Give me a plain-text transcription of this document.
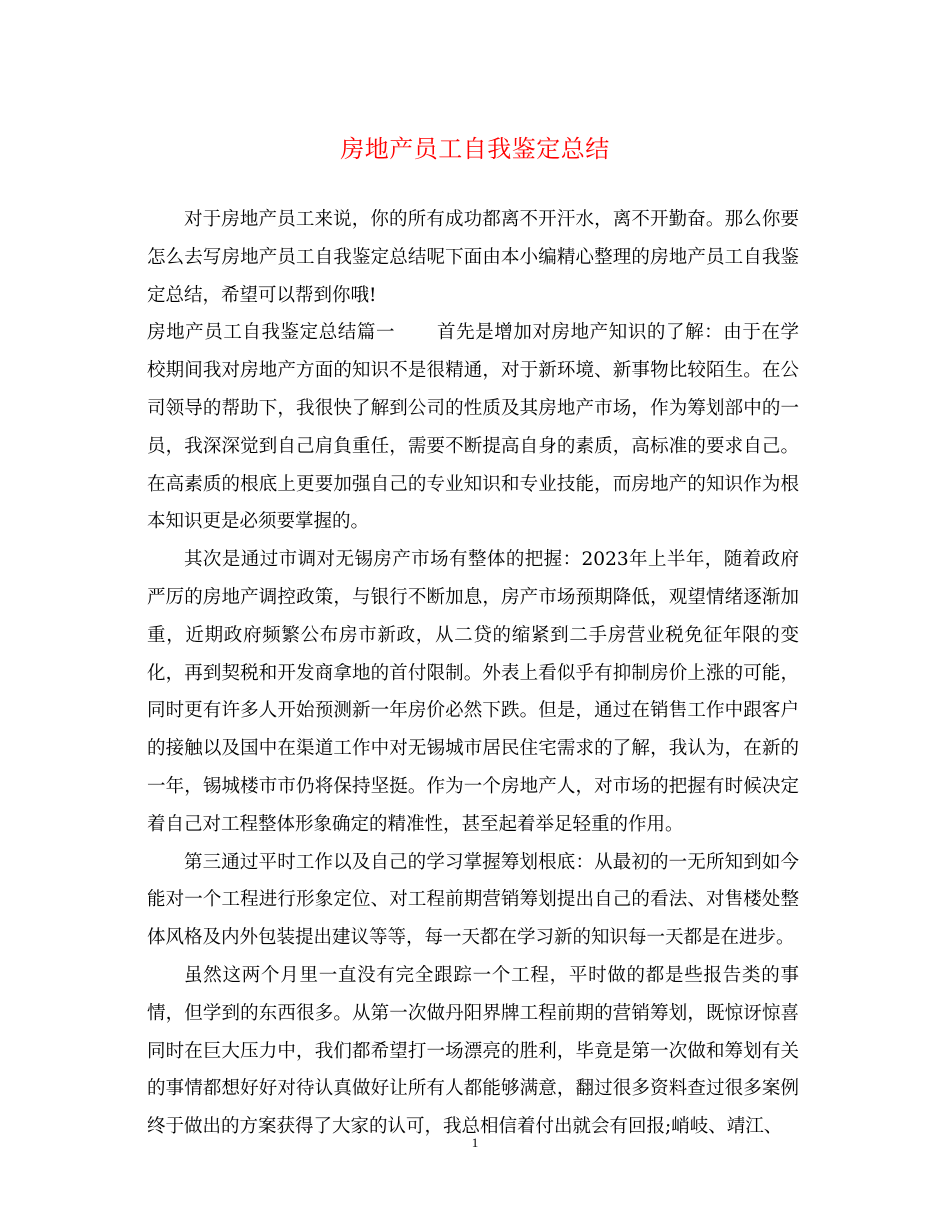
房地产员工自我鉴定总结

对于房地产员工来说，你的所有成功都离不开汗水，离不开勤奋。那么你要怎么去写房地产员工自我鉴定总结呢下面由本小编精心整理的房地产员工自我鉴定总结，希望可以帮到你哦!

房地产员工自我鉴定总结篇一 首先是增加对房地产知识的了解：由于在学校期间我对房地产方面的知识不是很精通，对于新环境、新事物比较陌生。在公司领导的帮助下，我很快了解到公司的性质及其房地产市场，作为筹划部中的一员，我深深觉到自己肩負重任，需要不断提高自身的素质，高标准的要求自己。在高素质的根底上更要加强自己的专业知识和专业技能，而房地产的知识作为根本知识更是必须要掌握的。

其次是通过市调对无锡房产市场有整体的把握：2023年上半年，随着政府严厉的房地产调控政策，与银行不断加息，房产市场预期降低，观望情绪逐渐加重，近期政府频繁公布房市新政，从二贷的缩紧到二手房营业税免征年限的变化，再到契税和开发商拿地的首付限制。外表上看似乎有抑制房价上涨的可能，同时更有许多人开始预测新一年房价必然下跌。但是，通过在销售工作中跟客户的接触以及国中在渠道工作中对无锡城市居民住宅需求的了解，我认为，在新的一年，锡城楼市市仍将保持坚挺。作为一个房地产人，对市场的把握有时候决定着自己对工程整体形象确定的精准性，甚至起着举足轻重的作用。

第三通过平时工作以及自己的学习掌握筹划根底：从最初的一无所知到如今能对一个工程进行形象定位、对工程前期营销筹划提出自己的看法、对售楼处整体风格及内外包装提出建议等等，每一天都在学习新的知识每一天都是在进步。

虽然这两个月里一直没有完全跟踪一个工程，平时做的都是些报告类的事情，但学到的东西很多。从第一次做丹阳界牌工程前期的营销筹划，既惊讶惊喜同时在巨大压力中，我们都希望打一场漂亮的胜利，毕竟是第一次做和筹划有关的事情都想好好对待认真做好让所有人都能够满意，翻过很多资料查过很多案例终于做出的方案获得了大家的认可，我总相信着付出就会有回报;峭岐、靖江、

1
